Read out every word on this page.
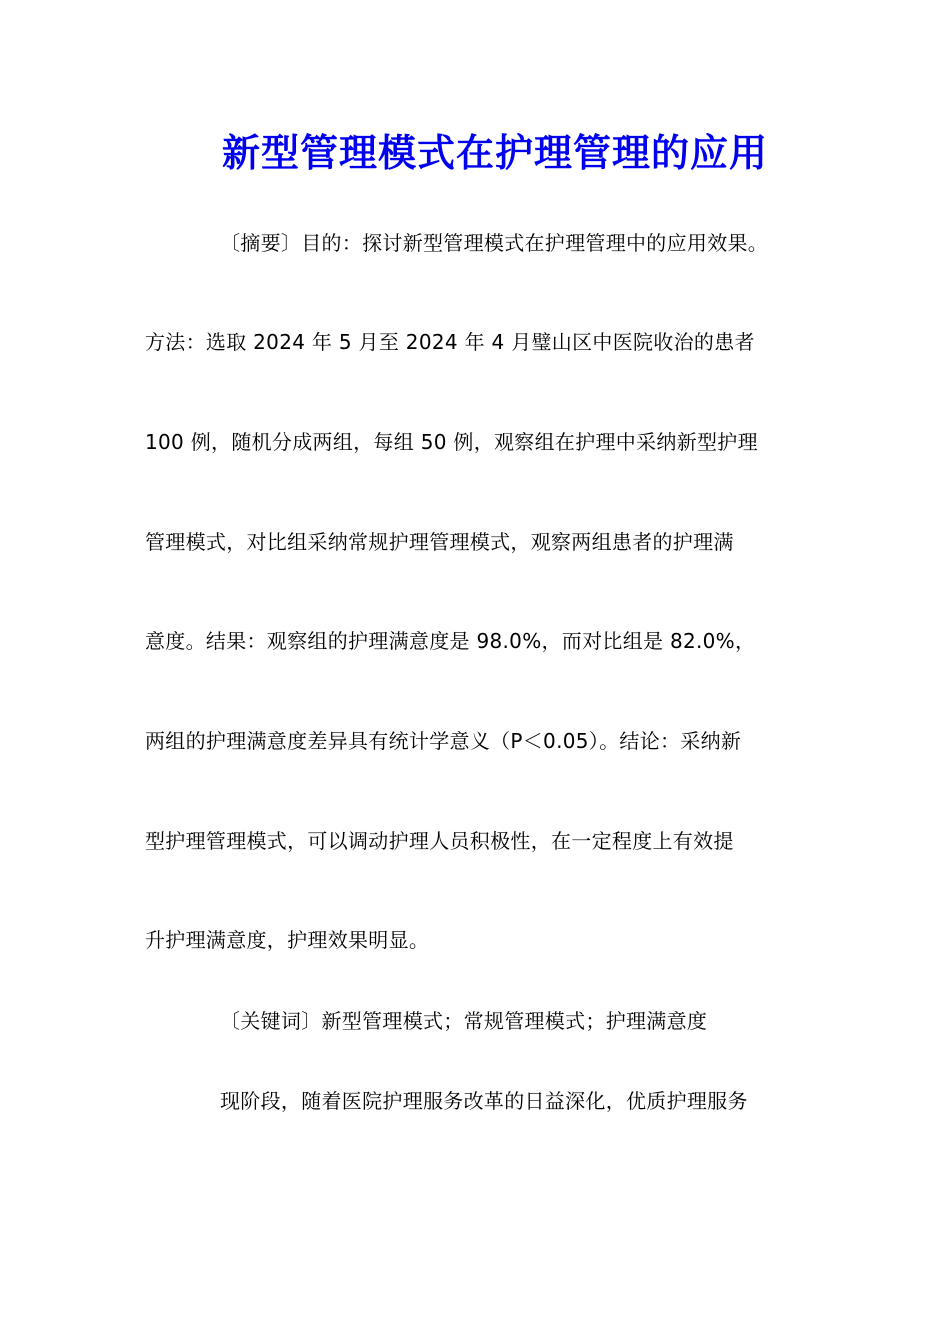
新型管理模式在护理管理的应用
〔摘要〕目的：探讨新型管理模式在护理管理中的应用效果。
方法：选取 2024 年 5 月至 2024 年 4 月璧山区中医院收治的患者
100 例，随机分成两组，每组 50 例，观察组在护理中采纳新型护理
管理模式，对比组采纳常规护理管理模式，观察两组患者的护理满
意度。结果：观察组的护理满意度是 98.0%，而对比组是 82.0%，
两组的护理满意度差异具有统计学意义（P＜0.05）。结论：采纳新
型护理管理模式，可以调动护理人员积极性，在一定程度上有效提
升护理满意度，护理效果明显。
〔关键词〕新型管理模式；常规管理模式；护理满意度
现阶段，随着医院护理服务改革的日益深化，优质护理服务
